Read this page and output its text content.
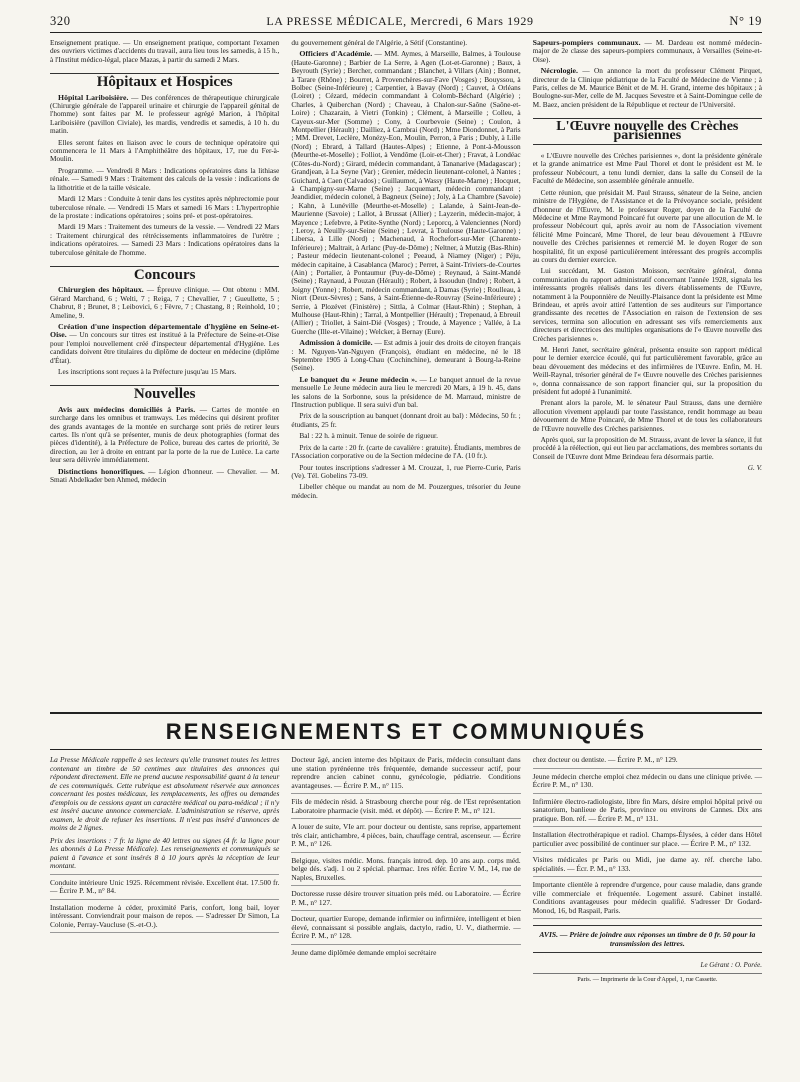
320	LA PRESSE MÉDICALE, Mercredi, 6 Mars 1929	N° 19

Enseignement pratique. — Un enseignement pratique, comportant l'examen des ouvriers victimes d'accidents du travail, aura lieu tous les samedis, à 15 h., à l'Institut médico-légal, place Mazas, à partir du samedi 2 Mars.

Hôpitaux et Hospices

Hôpital Lariboisière. — Des conférences de thérapeutique chirurgicale (Chirurgie générale de l'appareil urinaire et chirurgie de l'appareil génital de l'homme) sont faites par M. le professeur agrégé Marion, à l'hôpital Lariboisière (pavillon Civiale), les mardis, vendredis et samedis, à 10 h. du matin.

Elles seront faites en liaison avec le cours de technique opératoire qui commencera le 11 Mars à l'Amphithéâtre des hôpitaux, 17, rue du Fer-à-Moulin.

Programme. — Vendredi 8 Mars : Indications opératoires dans la lithiase rénale. — Samedi 9 Mars : Traitement des calculs de la vessie : indications de la lithotritie et de la taille vésicale.

Mardi 12 Mars : Conduite à tenir dans les cystites après néphrectomie pour tuberculose rénale. — Vendredi 15 Mars et samedi 16 Mars : L'hypertrophie de la prostate : indications opératoires ; soins pré- et post-opératoires.

Mardi 19 Mars : Traitement des tumeurs de la vessie. — Vendredi 22 Mars : Traitement chirurgical des rétrécissements inflammatoires de l'urètre ; indications opératoires. — Samedi 23 Mars : Indications opératoires dans la tuberculose génitale de l'homme.

Concours

Chirurgien des hôpitaux. — Épreuve clinique. — Ont obtenu : MM. Gérard Marchand, 6 ; Welti, 7 ; Reiga, 7 ; Chevallier, 7 ; Gueullette, 5 ; Chabrut, 8 ; Brunet, 8 ; Leibovici, 6 ; Fèvre, 7 ; Chastang, 8 ; Reinhold, 10 ; Ameline, 9.

Création d'une inspection départementale d'hygiène en Seine-et-Oise. — Un concours sur titres est institué à la Préfecture de Seine-et-Oise pour l'emploi nouvellement créé d'inspecteur départemental d'Hygiène. Les candidats doivent être titulaires du diplôme de docteur en médecine (diplôme d'État).

Les inscriptions sont reçues à la Préfecture jusqu'au 15 Mars.

Nouvelles

Avis aux médecins domiciliés à Paris. — Cartes de montée en surcharge dans les omnibus et tramways. Les médecins qui désirent profiter des grands avantages de la montée en surcharge sont priés de retirer leurs cartes. Ils n'ont qu'à se présenter, munis de deux photographies (format des pièces d'identité), à la Préfecture de Police, bureau des cartes de priorité, 3e direction, au 1er à droite en entrant par la porte de la rue de Lutèce. La carte leur sera délivrée immédiatement.

Distinctions honorifiques. — Légion d'honneur. — Chevalier. — M. Smati Abdelkader ben Ahmed, médecin

du gouvernement général de l'Algérie, à Sétif (Constantine).

Officiers d'Académie. — MM. Aymes, à Marseille, Balmes, à Toulouse (Haute-Garonne) ; Barbier de La Serre, à Agen (Lot-et-Garonne) ; Baux, à Beyrouth (Syrie) ; Bercher, commandant ; Blanchet, à Villars (Ain) ; Bonnet, à Tarare (Rhône) ; Bourret, à Provenchères-sur-Fave (Vosges) ; Bouyssou, à Bolbec (Seine-Inférieure) ; Carpentier, à Bavay (Nord) ; Cauvet, à Orléans (Loiret) ; Cézard, médecin commandant à Colomb-Béchard (Algérie) ; Charles, à Quiberchan (Nord) ; Chaveau, à Chalon-sur-Saône (Saône-et-Loire) ; Chazarain, à Vietri (Tonkin) ; Clément, à Marseille ; Colleu, à Cayeux-sur-Mer (Somme) ; Cony, à Courbevoie (Seine) ; Coulon, à Montpellier (Hérault) ; Dailliez, à Cambrai (Nord) ; Mme Diondonnet, à Paris ; MM. Drevet, Leclère, Monézy-Eon, Moulin, Perron, à Paris ; Dubly, à Lille (Nord) ; Ebrard, à Tallard (Hautes-Alpes) ; Etienne, à Pont-à-Mousson (Meurthe-et-Moselle) ; Folliot, à Vendôme (Loir-et-Cher) ; Fravat, à Londéac (Côtes-du-Nord) ; Girard, médecin commandant, à Tananarive (Madagascar) ; Grandjean, à La Seyne (Var) ; Grenier, médecin lieutenant-colonel, à Nantes ; Guichard, à Caen (Calvados) ; Guillaumot, à Wassy (Haute-Marne) ; Hocquet, à Champigny-sur-Marne (Seine) ; Jacquemart, médecin commandant ; Jeandidier, médecin colonel, à Bagneux (Seine) ; Joly, à La Chambre (Savoie) ; Kahn, à Lunéville (Meurthe-et-Moselle) ; Lalande, à Saint-Jean-de-Maurienne (Savoie) ; Lallot, à Brussat (Allier) ; Layzerin, médecin-major, à Mayence ; Lefebvre, à Petite-Synthe (Nord) ; Leporcq, à Valenciennes (Nord) ; Leroy, à Neuilly-sur-Seine (Seine) ; Levrat, à Toulouse (Haute-Garonne) ; Libersa, à Lille (Nord) ; Machenaud, à Rochefort-sur-Mer (Charente-Inférieure) ; Maltrait, à Arlanc (Puy-de-Dôme) ; Neltner, à Mutzig (Bas-Rhin) ; Pasteur médecin lieutenant-colonel ; Peeaud, à Niamey (Niger) ; Péju, médecin capitaine, à Casablanca (Maroc) ; Perret, à Saint-Triviers-de-Courtes (Ain) ; Portalier, à Pontaumur (Puy-de-Dôme) ; Reynaud, à Saint-Mandé (Seine) ; Raynaud, à Pouzan (Hérault) ; Robert, à Issoudun (Indre) ; Robert, à Joigny (Yonne) ; Robert, médecin commandant, à Damas (Syrie) ; Roulleau, à Niort (Deux-Sèvres) ; Sans, à Saint-Étienne-de-Rouvray (Seine-Inférieure) ; Serrie, à Plozévet (Finistère) ; Sittla, à Colmar (Haut-Rhin) ; Stephan, à Mulhouse (Haut-Rhin) ; Tarral, à Montpellier (Hérault) ; Trepenaud, à Ebreuil (Allier) ; Triollet, à Saint-Dié (Vosges) ; Troude, à Mayence ; Vallée, à La Guerche (Ille-et-Vilaine) ; Welcker, à Bernay (Eure).

Admission à domicile. — Est admis à jouir des droits de citoyen français : M. Nguyen-Van-Nguyen (François), étudiant en médecine, né le 18 Septembre 1905 à Long-Chau (Cochinchine), demeurant à Bourg-la-Reine (Seine).

Le banquet du « Jeune médecin ». — Le banquet annuel de la revue mensuelle Le Jeune médecin aura lieu le mercredi 20 Mars, à 19 h. 45, dans les salons de la Sorbonne, sous la présidence de M. Marraud, ministre de l'Instruction publique. Il sera suivi d'un bal.

Prix de la souscription au banquet (donnant droit au bal) : Médecins, 50 fr. ; étudiants, 25 fr.

Bal : 22 h. à minuit. Tenue de soirée de rigueur.

Prix de la carte : 20 fr. (carte de cavalière : gratuite). Étudiants, membres de l'Association corporative ou de la Section médecine de l'A. (10 fr.).

Pour toutes inscriptions s'adresser à M. Crouzat, 1, rue Pierre-Curie, Paris (Ve). Tél. Gobelins 73-09.

Libeller chèque ou mandat au nom de M. Pouzergues, trésorier du Jeune médecin.

Sapeurs-pompiers communaux. — M. Dardeau est nommé médecin-major de 2e classe des sapeurs-pompiers communaux, à Versailles (Seine-et-Oise).

Nécrologie. — On annonce la mort du professeur Clément Pirquet, directeur de la Clinique pédiatrique de la Faculté de Médecine de Vienne ; à Paris, celles de M. Maurice Bénit et de M. H. Grand, interne des hôpitaux ; à Boulogne-sur-Mer, celle de M. Jacques Sevestre et à Saint-Domingue celle de M. Baez, ancien président de la République et recteur de l'Université.

L'Œuvre nouvelle des Crèches parisiennes

« L'Œuvre nouvelle des Crèches parisiennes », dont la présidente générale et la grande animatrice est Mme Paul Thorel et dont le président est M. le professeur Nobécourt, a tenu lundi dernier, dans la salle du Conseil de la Faculté de Médecine, son assemblée générale annuelle.

Cette réunion, que présidait M. Paul Strauss, sénateur de la Seine, ancien ministre de l'Hygiène, de l'Assistance et de la Prévoyance sociale, président d'honneur de l'Œuvre, M. le professeur Roger, doyen de la Faculté de Médecine et Mme Raymond Poincaré fut ouverte par une allocution de M. le professeur Nobécourt qui, après avoir au nom de l'Association vivement félicité Mme Poincaré, Mme Thorel, de leur beau dévouement à l'Œuvre nouvelle des Crèches parisiennes et remercié M. le doyen Roger de son hospitalité, fit un exposé particulièrement intéressant des progrès accomplis au cours du dernier exercice.

Lui succédant, M. Gaston Moisson, secrétaire général, donna communication du rapport administratif concernant l'année 1928, signala les intéressants progrès réalisés dans les divers établissements de l'Œuvre, notamment à la Pouponnière de Neuilly-Plaisance dont la présidente est Mme Brindeau, et après avoir attiré l'attention de ses auditeurs sur l'importance grandissante des recettes de l'Association en raison de l'extension de ses services, termina son allocution en adressant ses vifs remerciements aux directeurs et directrices des multiples organisations de l'« Œuvre nouvelle des Crèches parisiennes ».

M. Henri Janet, secrétaire général, présenta ensuite son rapport médical pour le dernier exercice écoulé, qui fut particulièrement favorable, grâce au beau dévouement des médecins et des infirmières de l'Œuvre. Enfin, M. H. Weill-Raynal, trésorier général de l'« Œuvre nouvelle des Crèches parisiennes », donna connaissance de son rapport financier qui, sur la proposition du président fut adopté à l'unanimité.

Prenant alors la parole, M. le sénateur Paul Strauss, dans une dernière allocution vivement applaudi par toute l'assistance, rendit hommage au beau dévouement de Mme Poincaré, de Mme Thorel et de tous les collaborateurs de l'Œuvre nouvelle des Crèches parisiennes.

Après quoi, sur la proposition de M. Strauss, avant de lever la séance, il fut procédé à la réélection, qui eut lieu par acclamations, des membres sortants du Conseil de l'Œuvre dont Mme Brindeau fera désormais partie.

G. V.
RENSEIGNEMENTS ET COMMUNIQUÉS

La Presse Médicale rappelle à ses lecteurs qu'elle transmet toutes les lettres contenant un timbre de 50 centimes aux titulaires des annonces qui répondent directement. Elle ne prend aucune responsabilité quant à la teneur de ces communiqués. Cette rubrique est absolument réservée aux annonces concernant les postes médicaux, les remplacements, les offres ou demandes d'emplois ou de cessions ayant un caractère médical ou para-médical ; il n'y est inséré aucune annonce commerciale. L'administration se réserve, après examen, le droit de refuser les insertions. Il n'est pas inséré d'annonces de moins de 2 lignes.

Prix des insertions : 7 fr. la ligne de 40 lettres ou signes (4 fr. la ligne pour les abonnés à La Presse Médicale). Les renseignements et communiqués se paient à l'avance et sont insérés 8 à 10 jours après la réception de leur montant.

Conduite intérieure Unic 1925. Récemment révisée. Excellent état. 17.500 fr. — Écrire P. M., n° 84.

Installation moderne à céder, proximité Paris, confort, long bail, loyer intéressant. Conviendrait pour maison de repos. — S'adresser Dr Simon, La Colonie, Perray-Vaucluse (S.-et-O.).

Docteur âgé, ancien interne des hôpitaux de Paris, médecin consultant dans une station pyrénéenne très fréquentée, demande successeur actif, pour reprendre ancien cabinet connu, gynécologie, pédiatrie. Conditions avantageuses. — Écrire P. M., n° 115.

Fils de médecin résid. à Strasbourg cherche pour rég. de l'Est représentation Laboratoire pharmacie (visit. méd. et dépôt). — Écrire P. M., n° 121.

A louer de suite, VIe arr. pour docteur ou dentiste, sans reprise, appartement très clair, antichambre, 4 pièces, bain, chauffage central, ascenseur. — Écrire P. M., n° 126.

Belgique, visites médic. Mons. français introd. dep. 10 ans aup. corps méd. belge dés. s'adj. 1 ou 2 spécial. pharmac. 1res référ. Écrire V. M., 14, rue de Naples, Bruxelles.

Doctoresse russe désire trouver situation près méd. ou Laboratoire. — Écrire P. M., n° 127.

Docteur, quartier Europe, demande infirmier ou infirmière, intelligent et bien élevé, connaissant si possible anglais, dactylo, radio, U. V., diathermie. — Écrire P. M., n° 128.

Jeune dame diplômée demande emploi secrétaire

chez docteur ou dentiste. — Écrire P. M., n° 129.

Jeune médecin cherche emploi chez médecin ou dans une clinique privée. — Écrire P. M., n° 130.

Infirmière électro-radiologiste, libre fin Mars, désire emploi hôpital privé ou sanatorium, banlieue de Paris, province ou environs de Cannes. Dix ans pratique. Bon. réf. — Écrire P. M., n° 131.

Installation électrothérapique et radiol. Champs-Élysées, à céder dans Hôtel particulier avec possibilité de continuer sur place. — Écrire P. M., n° 132.

Visites médicales pr Paris ou Midi, jue dame ay. réf. cherche labo. spécialités. — Écr. P. M., n° 133.

Importante clientèle à reprendre d'urgence, pour cause maladie, dans grande ville commerciale et fréquentée. Logement assuré. Cabinet installé. Conditions avantageuses pour médecin qualifié. S'adresser Dr Godard-Monod, 16, bd Raspail, Paris.

AVIS. — Prière de joindre aux réponses un timbre de 0 fr. 50 pour la transmission des lettres.
Le Gérant : O. Porée.
Paris. — Imprimerie de la Cour d'Appel, 1, rue Cassette.
